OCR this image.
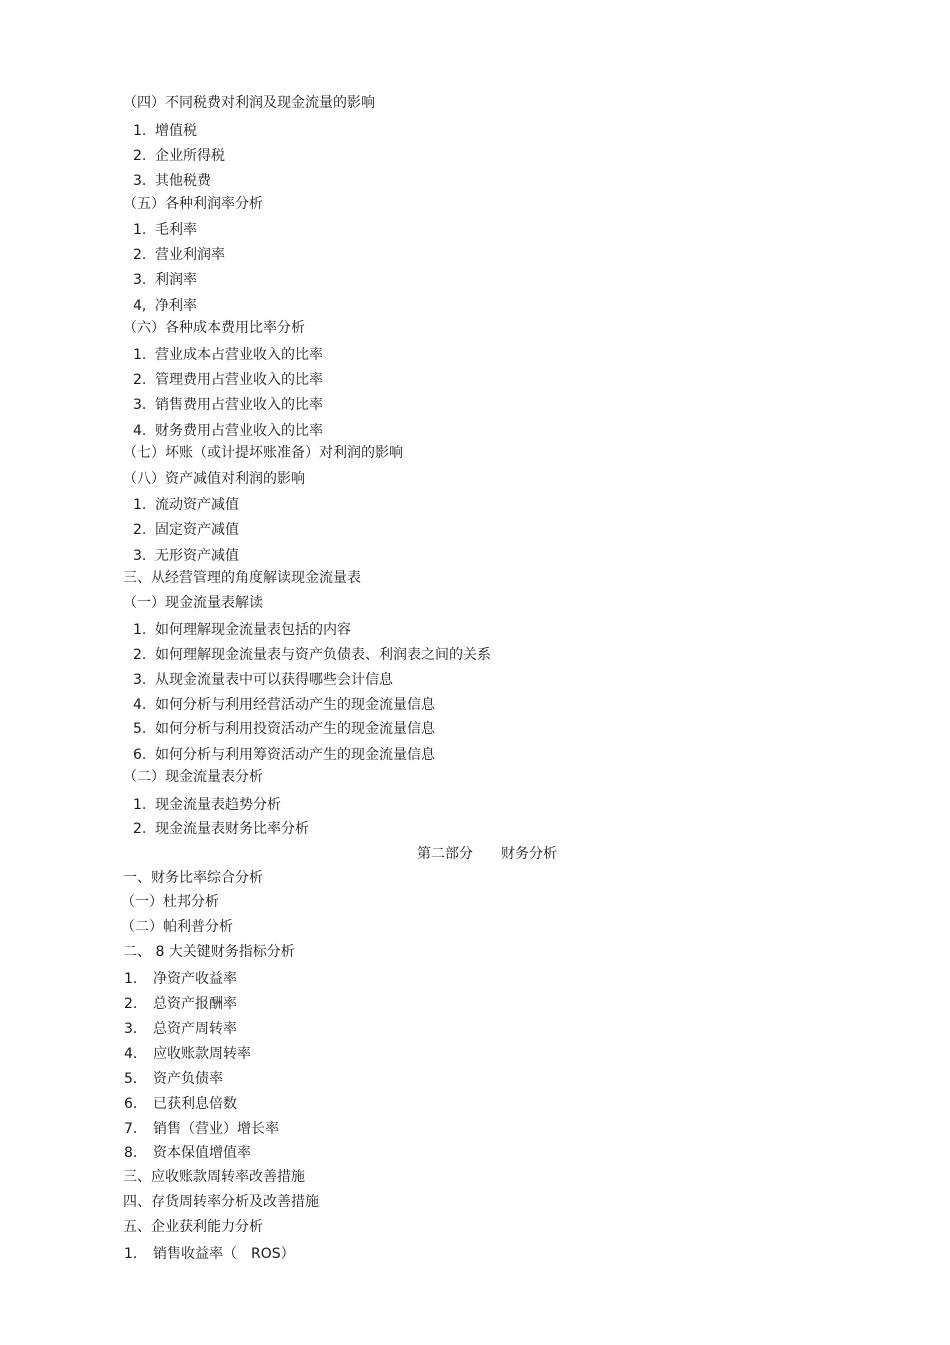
（四）不同税费对利润及现金流量的影响
1. 增值税
2. 企业所得税
3. 其他税费
（五）各种利润率分析
1. 毛利率
2. 营业利润率
3. 利润率
4, 净利率
（六）各种成本费用比率分析
1. 营业成本占营业收入的比率
2. 管理费用占营业收入的比率
3. 销售费用占营业收入的比率
4. 财务费用占营业收入的比率
（七）坏账（或计提坏账准备）对利润的影响
（八）资产减值对利润的影响
1. 流动资产减值
2. 固定资产减值
3. 无形资产减值
三、从经营管理的角度解读现金流量表
（一）现金流量表解读
1. 如何理解现金流量表包括的内容
2. 如何理解现金流量表与资产负债表、利润表之间的关系
3. 从现金流量表中可以获得哪些会计信息
4. 如何分析与利用经营活动产生的现金流量信息
5. 如何分析与利用投资活动产生的现金流量信息
6. 如何分析与利用筹资活动产生的现金流量信息
（二）现金流量表分析
1. 现金流量表趋势分析
2. 现金流量表财务比率分析
第二部分　　财务分析
一、财务比率综合分析
（一）杜邦分析
（二）帕利普分析
二、 8 大关键财务指标分析
1． 净资产收益率
2． 总资产报酬率
3． 总资产周转率
4． 应收账款周转率
5． 资产负债率
6． 已获利息倍数
7． 销售（营业）增长率
8． 资本保值增值率
三、应收账款周转率改善措施
四、存货周转率分析及改善措施
五、企业获利能力分析
1． 销售收益率（　ROS）
